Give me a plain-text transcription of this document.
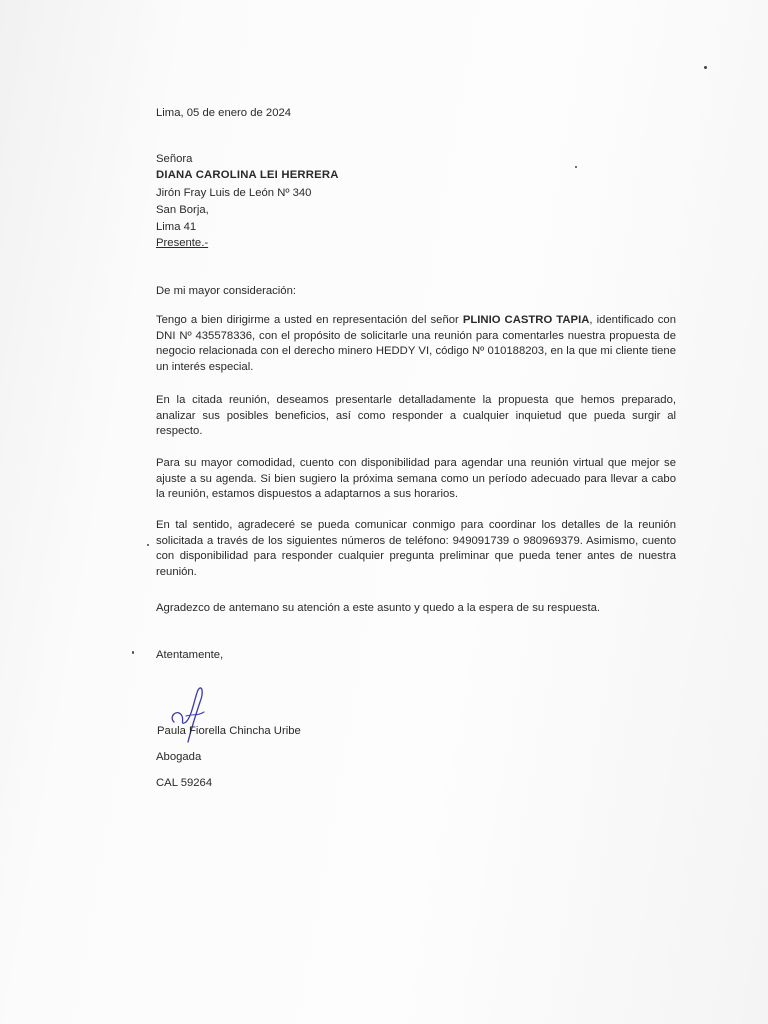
Lima, 05 de enero de 2024
Señora
DIANA CAROLINA LEI HERRERA
Jirón Fray Luis de León Nº 340
San Borja,
Lima 41
Presente.-
De mi mayor consideración:
Tengo a bien dirigirme a usted en representación del señor PLINIO CASTRO TAPIA, identificado con DNI Nº 435578336, con el propósito de solicitarle una reunión para comentarles nuestra propuesta de negocio relacionada con el derecho minero HEDDY VI, código Nº 010188203, en la que mi cliente tiene un interés especial.
En la citada reunión, deseamos presentarle detalladamente la propuesta que hemos preparado, analizar sus posibles beneficios, así como responder a cualquier inquietud que pueda surgir al respecto.
Para su mayor comodidad, cuento con disponibilidad para agendar una reunión virtual que mejor se ajuste a su agenda. Si bien sugiero la próxima semana como un período adecuado para llevar a cabo la reunión, estamos dispuestos a adaptarnos a sus horarios.
En tal sentido, agradeceré se pueda comunicar conmigo para coordinar los detalles de la reunión solicitada a través de los siguientes números de teléfono: 949091739 o 980969379. Asimismo, cuento con disponibilidad para responder cualquier pregunta preliminar que pueda tener antes de nuestra reunión.
Agradezco de antemano su atención a este asunto y quedo a la espera de su respuesta.
Atentamente,
Paula Fiorella Chincha Uribe
Abogada
CAL 59264
